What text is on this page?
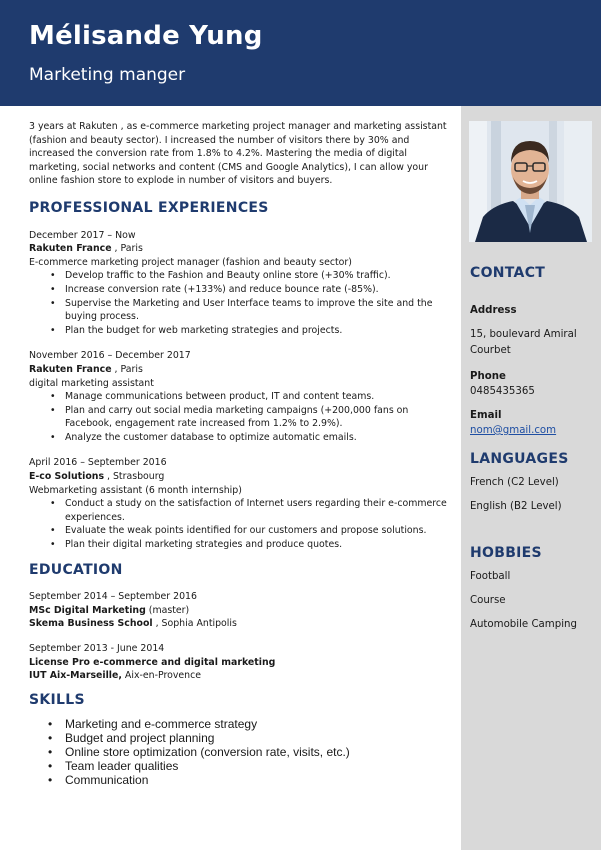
Mélisande Yung
Marketing manger

3 years at Rakuten , as e-commerce marketing project manager and marketing assistant (fashion and beauty sector). I increased the number of visitors there by 30% and increased the conversion rate from 1.8% to 4.2%. Mastering the media of digital marketing, social networks and content (CMS and Google Analytics), I can allow your online fashion store to explode in number of visitors and buyers.

PROFESSIONAL EXPERIENCES
December 2017 – Now
Rakuten France , Paris
E-commerce marketing project manager (fashion and beauty sector)
• Develop traffic to the Fashion and Beauty online store (+30% traffic).
• Increase conversion rate (+133%) and reduce bounce rate (-85%).
• Supervise the Marketing and User Interface teams to improve the site and the buying process.
• Plan the budget for web marketing strategies and projects.
November 2016 – December 2017
Rakuten France , Paris
digital marketing assistant
• Manage communications between product, IT and content teams.
• Plan and carry out social media marketing campaigns (+200,000 fans on Facebook, engagement rate increased from 1.2% to 2.9%).
• Analyze the customer database to optimize automatic emails.
April 2016 – September 2016
E-co Solutions , Strasbourg
Webmarketing assistant (6 month internship)
• Conduct a study on the satisfaction of Internet users regarding their e-commerce experiences.
• Evaluate the weak points identified for our customers and propose solutions.
• Plan their digital marketing strategies and produce quotes.
EDUCATION
September 2014 – September 2016
MSc Digital Marketing (master)
Skema Business School , Sophia Antipolis
September 2013 - June 2014
License Pro e-commerce and digital marketing
IUT Aix-Marseille, Aix-en-Provence
SKILLS
• Marketing and e-commerce strategy
• Budget and project planning
• Online store optimization (conversion rate, visits, etc.)
• Team leader qualities
• Communication
CONTACT
Address
15, boulevard Amiral Courbet
Phone
0485435365
Email
nom@gmail.com
LANGUAGES
French (C2 Level)
English (B2 Level)
HOBBIES
Football
Course
Automobile Camping
